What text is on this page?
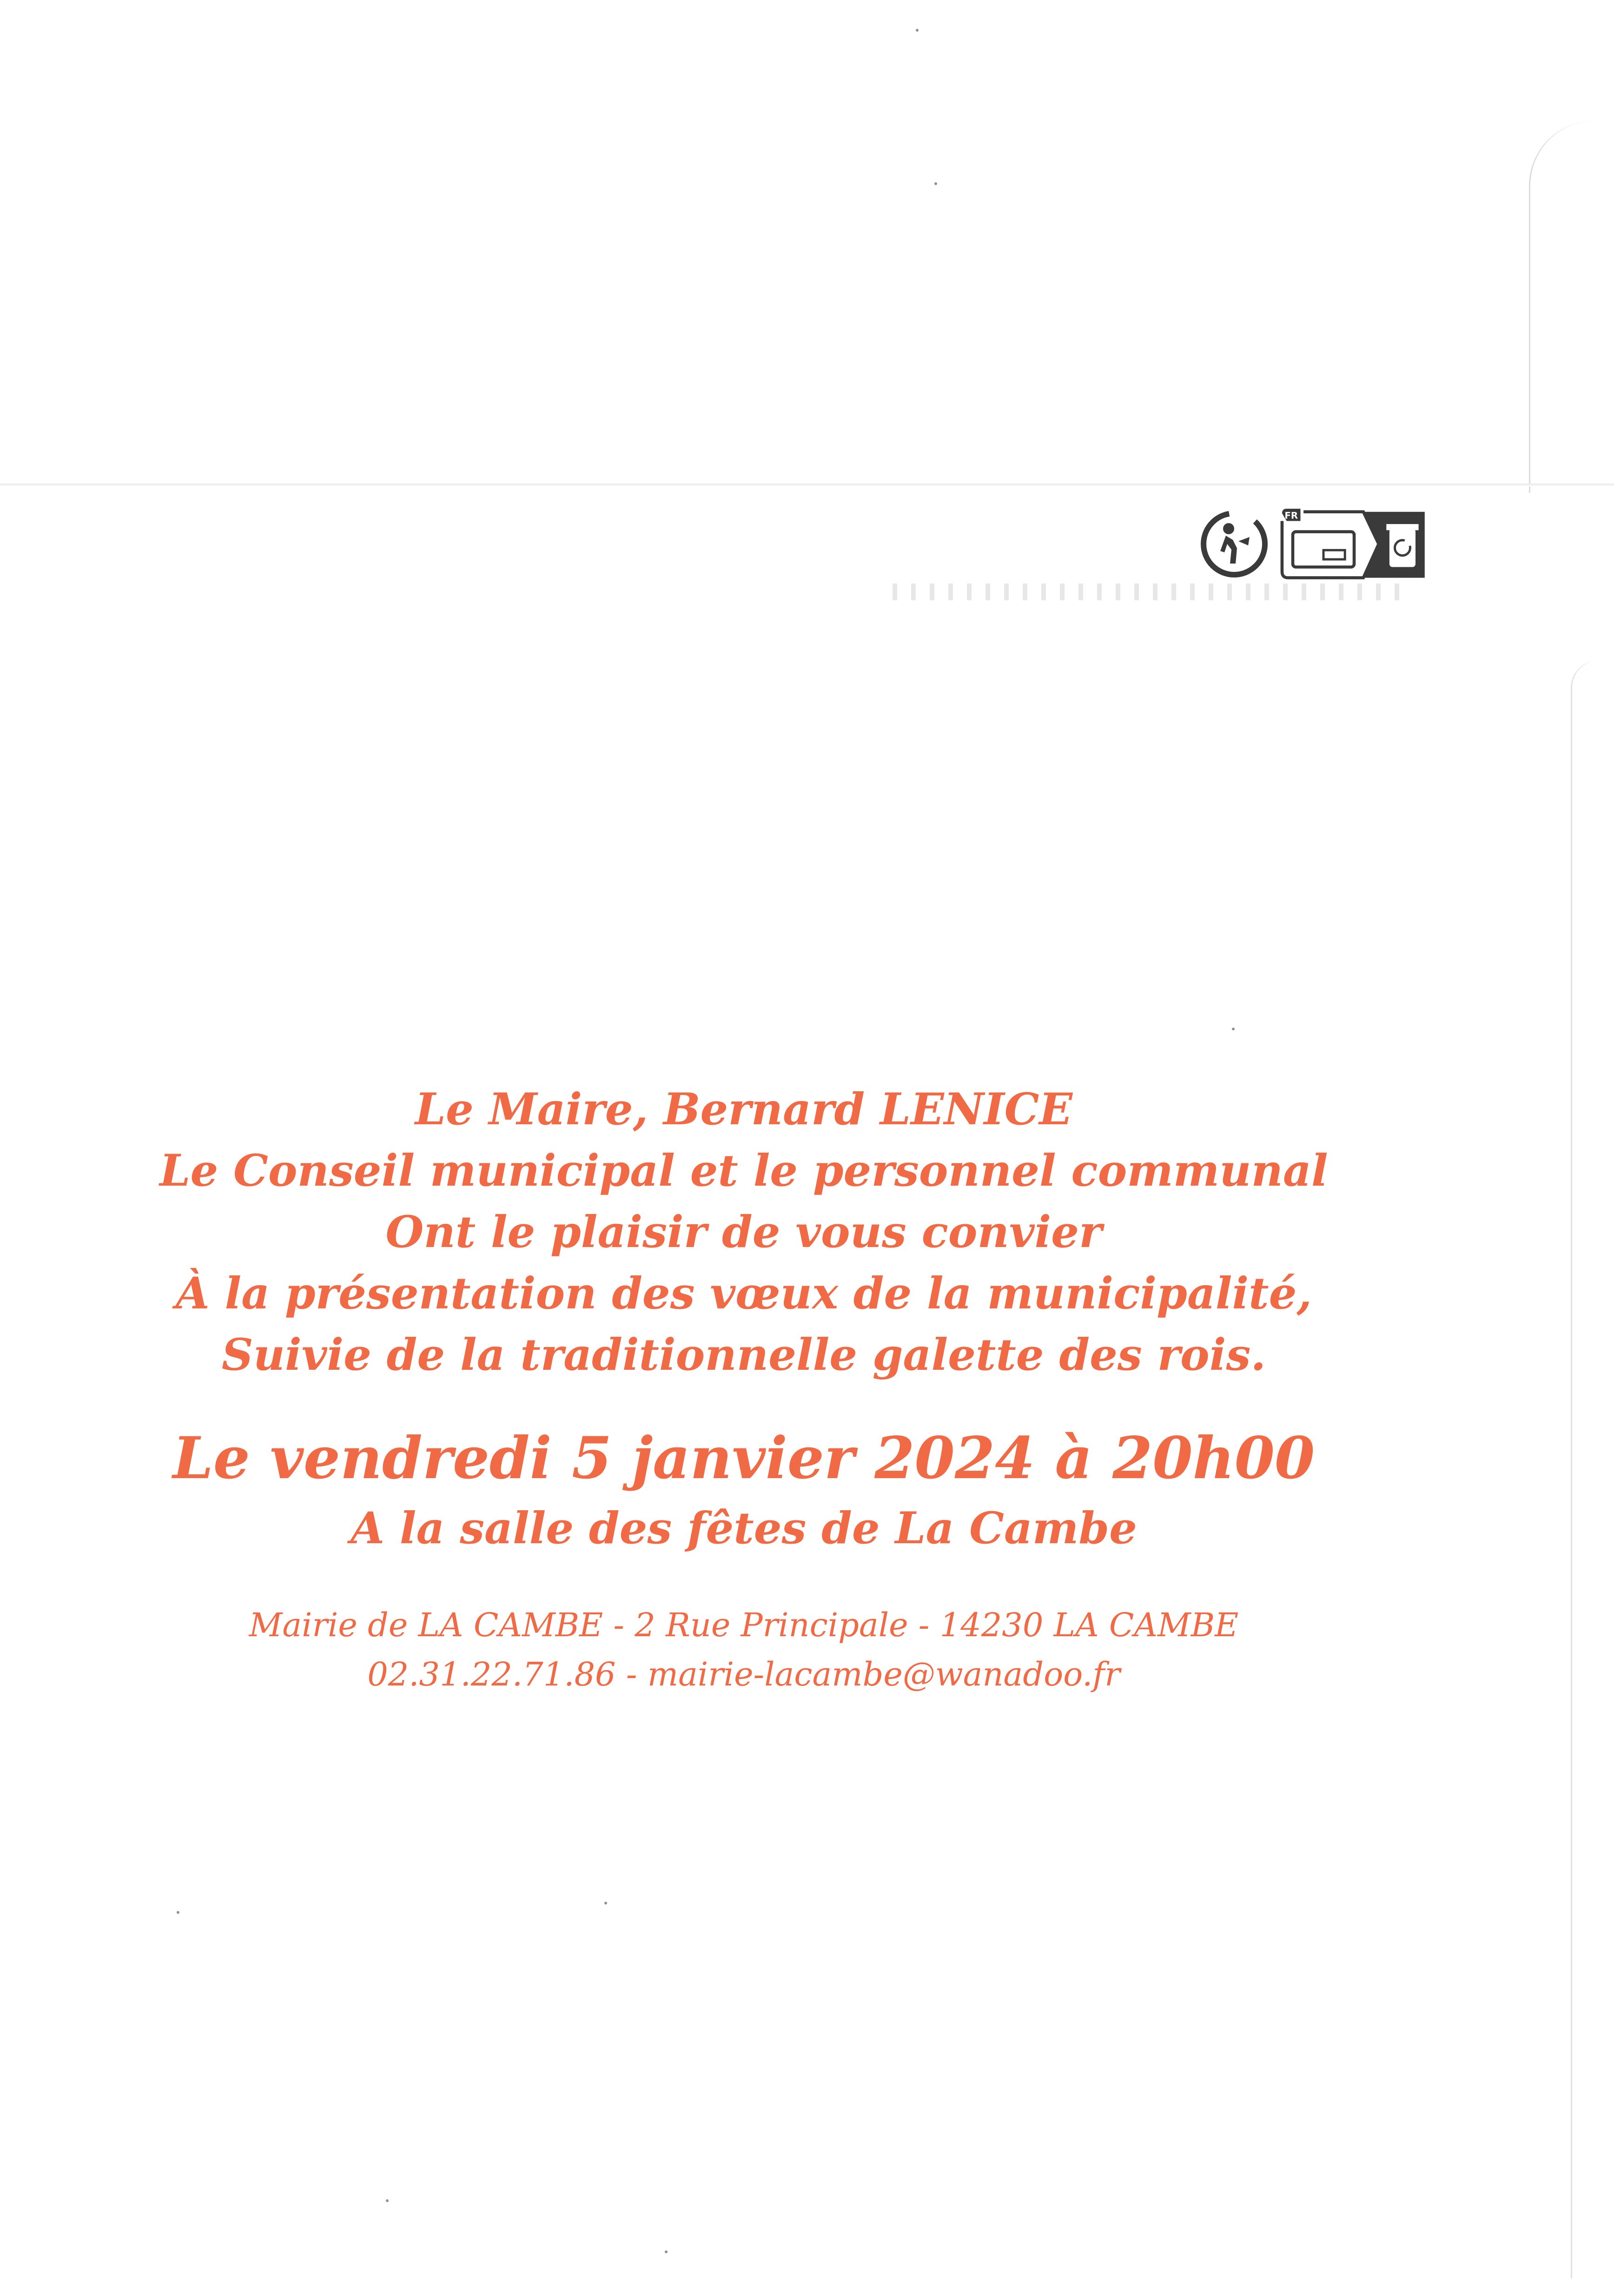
FR

Le Maire, Bernard LENICE

Le Conseil municipal et le personnel communal

Ont le plaisir de vous convier

À la présentation des vœux de la municipalité,

Suivie de la traditionnelle galette des rois.

Le vendredi 5 janvier 2024 à 20h00

A la salle des fêtes de La Cambe

Mairie de LA CAMBE - 2 Rue Principale - 14230 LA CAMBE

02.31.22.71.86 - mairie-lacambe@wanadoo.fr
